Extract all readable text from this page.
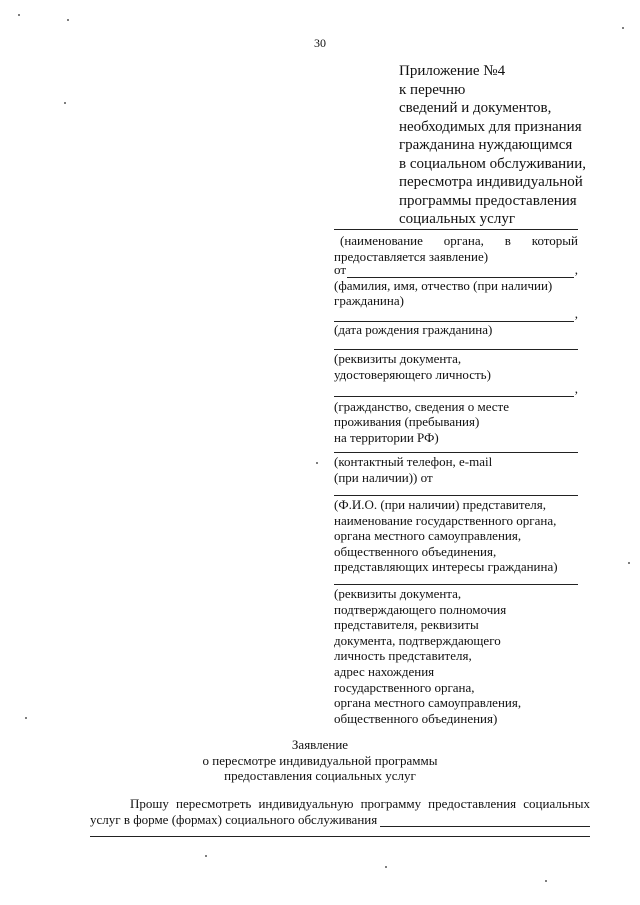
30
Приложение №4
к перечню
сведений и документов,
необходимых для признания
гражданина нуждающимся
в социальном обслуживании,
пересмотра индивидуальной
программы предоставления
социальных услуг
(наименование органа, в который
предоставляется заявление)
от	,
(фамилия, имя, отчество (при наличии)
гражданина)
,
(дата рождения гражданина)
(реквизиты документа,
удостоверяющего личность)
,
(гражданство, сведения о месте
проживания (пребывания)
на территории РФ)
(контактный телефон, e-mail
(при наличии)) от
(Ф.И.О. (при наличии) представителя,
наименование государственного органа,
органа местного самоуправления,
общественного объединения,
представляющих интересы гражданина)
(реквизиты документа,
подтверждающего полномочия
представителя, реквизиты
документа, подтверждающего
личность представителя,
адрес нахождения
государственного органа,
органа местного самоуправления,
общественного объединения)
Заявление
о пересмотре индивидуальной программы
предоставления социальных услуг
Прошу пересмотреть индивидуальную программу предоставления социальных
услуг в форме (формах) социального обслуживания
